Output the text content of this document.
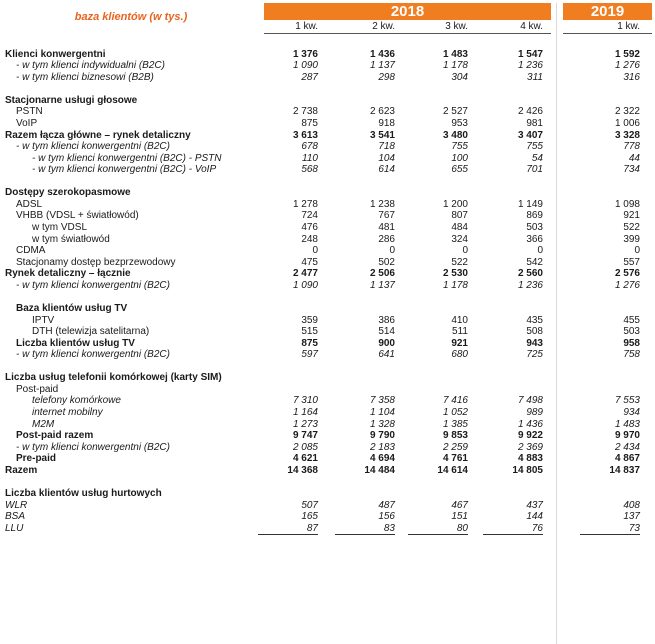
baza klientów (w tys.)	2018	2019
1 kw.	2 kw.	3 kw.	4 kw.	1 kw.
Klienci konwergentni	1 376	1 436	1 483	1 547	1 592
- w tym klienci indywidualni (B2C)	1 090	1 137	1 178	1 236	1 276
- w tym klienci biznesowi (B2B)	287	298	304	311	316
Stacjonarne usługi głosowe
PSTN	2 738	2 623	2 527	2 426	2 322
VoIP	875	918	953	981	1 006
Razem łącza główne – rynek detaliczny	3 613	3 541	3 480	3 407	3 328
- w tym klienci konwergentni (B2C)	678	718	755	755	778
- w tym klienci konwergentni (B2C) - PSTN	110	104	100	54	44
- w tym klienci konwergentni (B2C) - VoIP	568	614	655	701	734
Dostępy szerokopasmowe
ADSL	1 278	1 238	1 200	1 149	1 098
VHBB (VDSL + światłowód)	724	767	807	869	921
w tym VDSL	476	481	484	503	522
w tym światłowód	248	286	324	366	399
CDMA	0	0	0	0	0
Stacjonamy dostęp bezprzewodowy	475	502	522	542	557
Rynek detaliczny – łącznie	2 477	2 506	2 530	2 560	2 576
- w tym klienci konwergentni (B2C)	1 090	1 137	1 178	1 236	1 276
Baza klientów usług TV
IPTV	359	386	410	435	455
DTH (telewizja satelitarna)	515	514	511	508	503
Liczba klientów usług TV	875	900	921	943	958
- w tym klienci konwergentni (B2C)	597	641	680	725	758
Liczba usług telefonii komórkowej (karty SIM)
Post-paid
telefony komórkowe	7 310	7 358	7 416	7 498	7 553
internet mobilny	1 164	1 104	1 052	989	934
M2M	1 273	1 328	1 385	1 436	1 483
Post-paid razem	9 747	9 790	9 853	9 922	9 970
- w tym klienci konwergentni (B2C)	2 085	2 183	2 259	2 369	2 434
Pre-paid	4 621	4 694	4 761	4 883	4 867
Razem	14 368	14 484	14 614	14 805	14 837
Liczba klientów usług hurtowych
WLR	507	487	467	437	408
BSA	165	156	151	144	137
LLU	87	83	80	76	73
